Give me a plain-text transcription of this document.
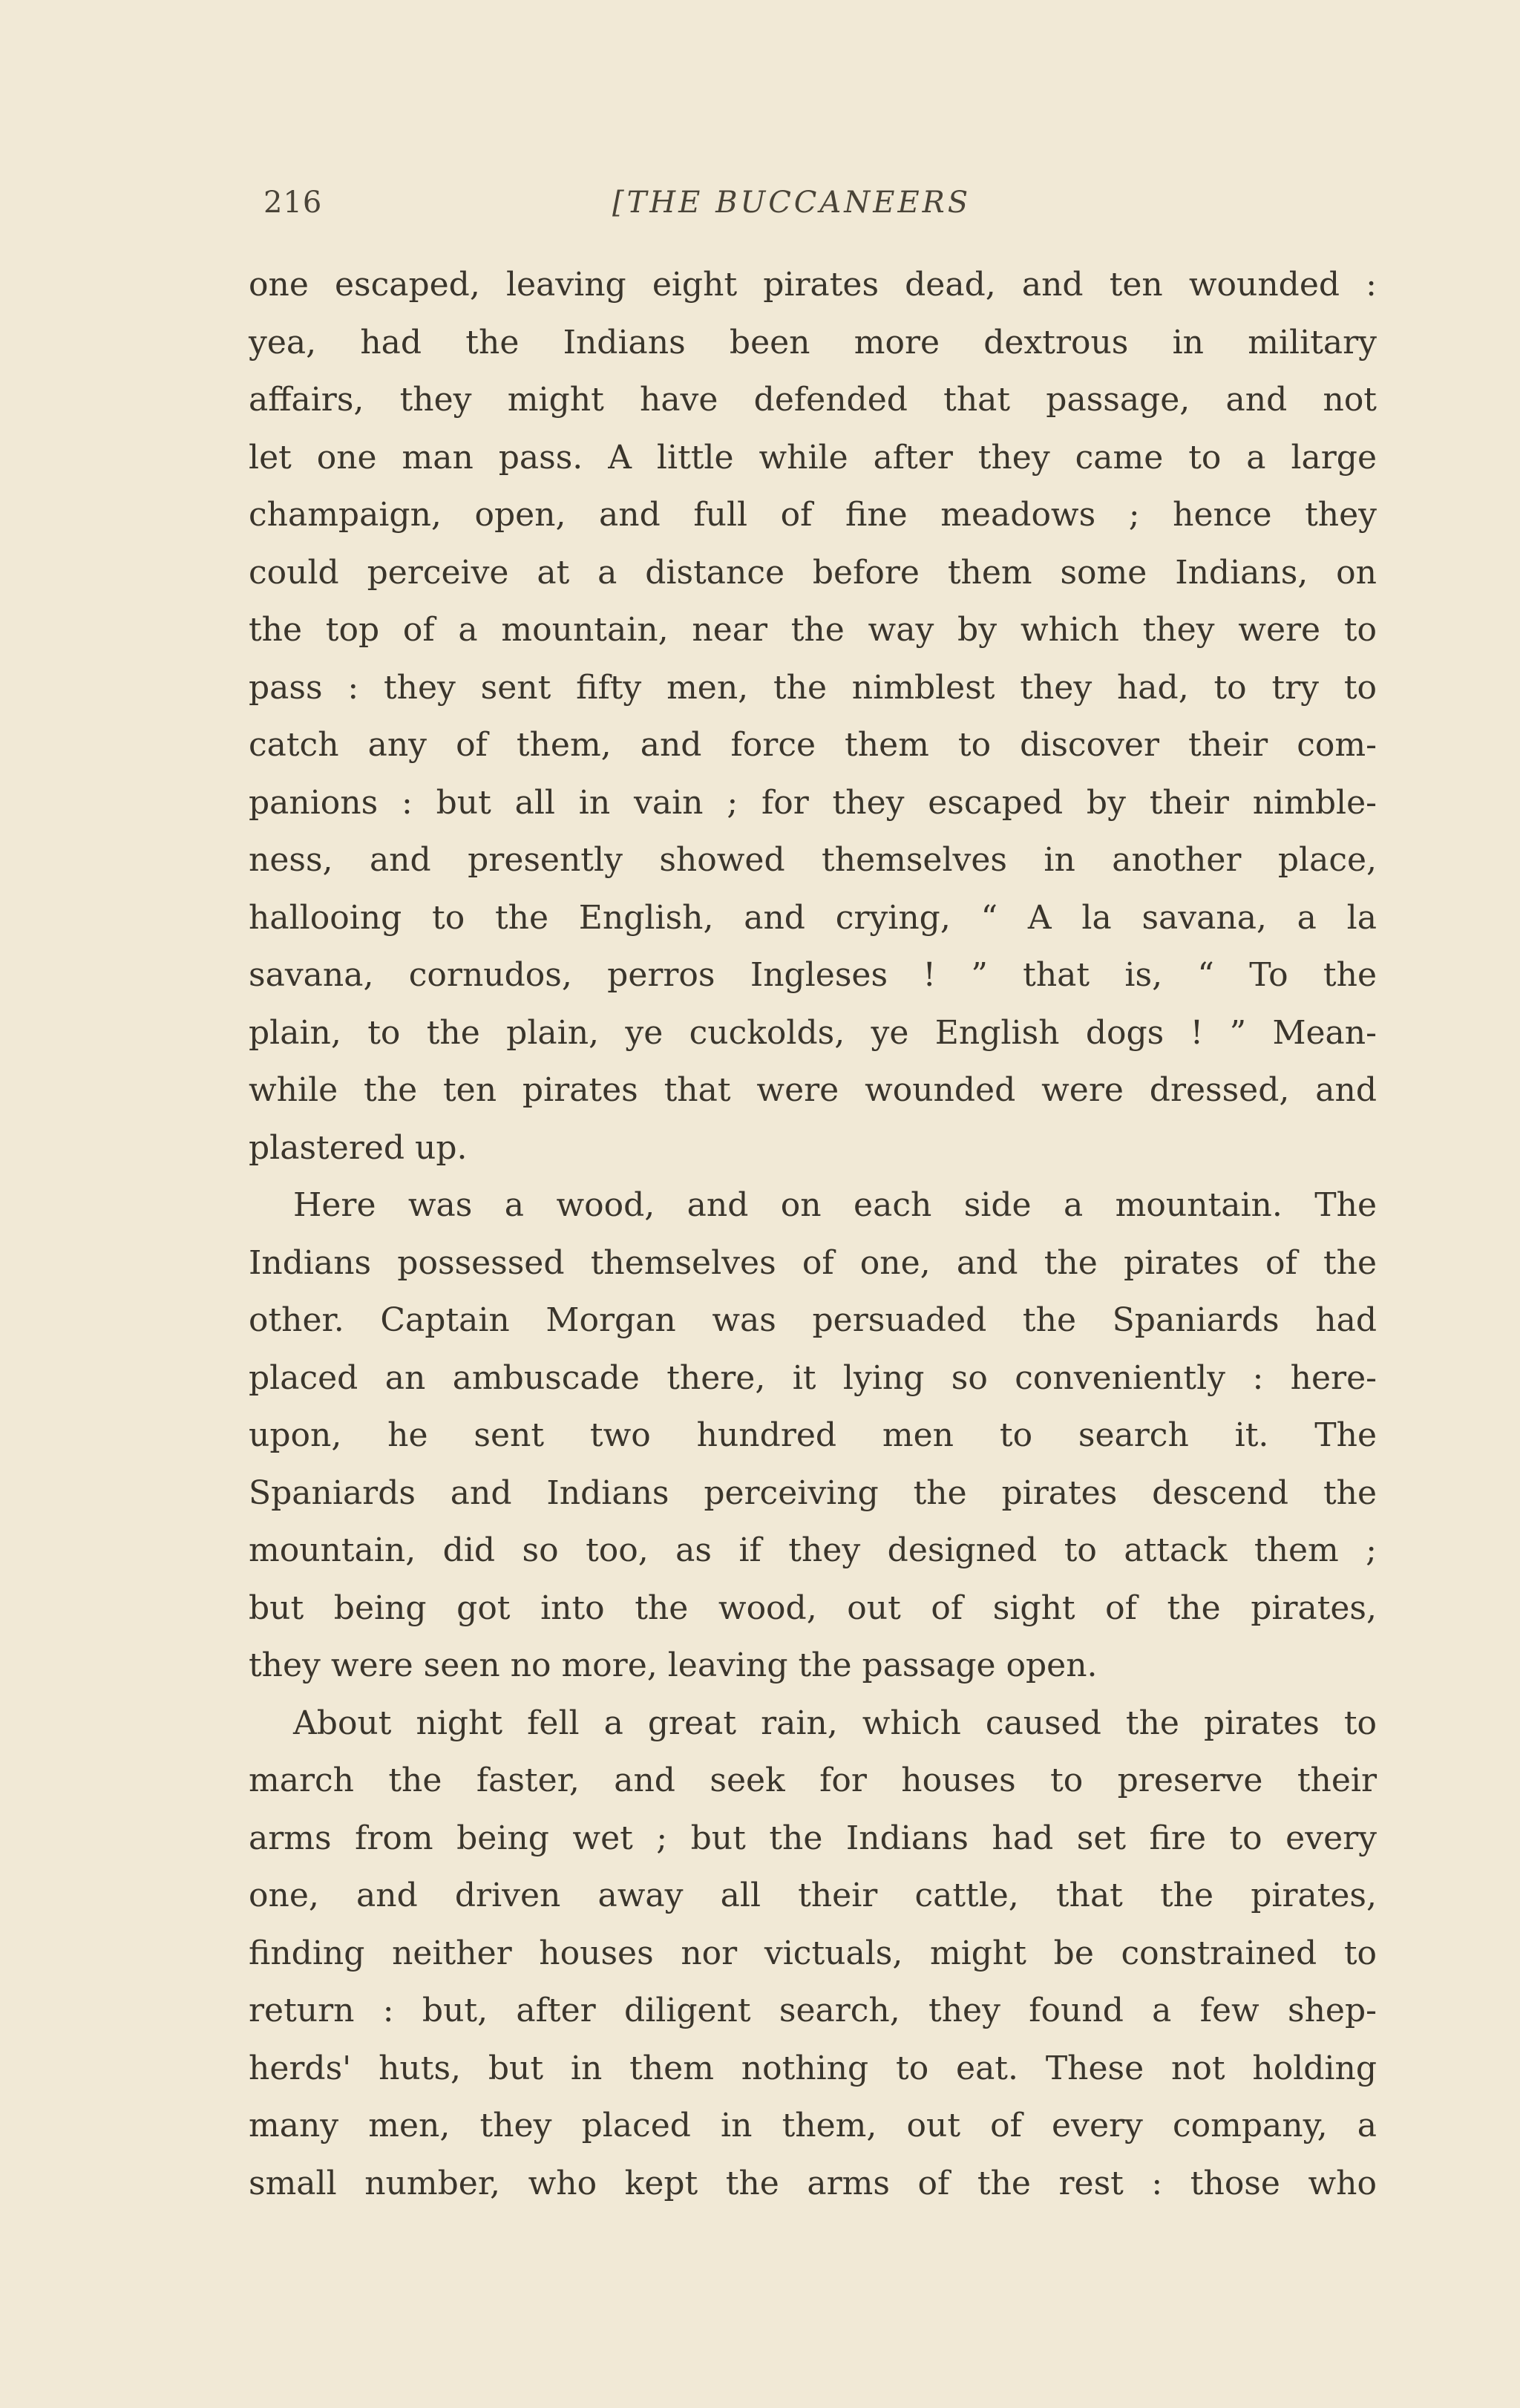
216	[THE BUCCANEERS
one escaped, leaving eight pirates dead, and ten wounded :
yea, had the Indians been more dextrous in military
affairs, they might have defended that passage, and not
let one man pass. A little while after they came to a large
champaign, open, and full of fine meadows ; hence they
could perceive at a distance before them some Indians, on
the top of a mountain, near the way by which they were to
pass : they sent fifty men, the nimblest they had, to try to
catch any of them, and force them to discover their com-
panions : but all in vain ; for they escaped by their nimble-
ness, and presently showed themselves in another place,
hallooing to the English, and crying, “ A la savana, a la
savana, cornudos, perros Ingleses ! ” that is, “ To the
plain, to the plain, ye cuckolds, ye English dogs ! ” Mean-
while the ten pirates that were wounded were dressed, and
plastered up.
Here was a wood, and on each side a mountain. The
Indians possessed themselves of one, and the pirates of the
other. Captain Morgan was persuaded the Spaniards had
placed an ambuscade there, it lying so conveniently : here-
upon, he sent two hundred men to search it. The
Spaniards and Indians perceiving the pirates descend the
mountain, did so too, as if they designed to attack them ;
but being got into the wood, out of sight of the pirates,
they were seen no more, leaving the passage open.
About night fell a great rain, which caused the pirates to
march the faster, and seek for houses to preserve their
arms from being wet ; but the Indians had set fire to every
one, and driven away all their cattle, that the pirates,
finding neither houses nor victuals, might be constrained to
return : but, after diligent search, they found a few shep-
herds' huts, but in them nothing to eat. These not holding
many men, they placed in them, out of every company, a
small number, who kept the arms of the rest : those who
